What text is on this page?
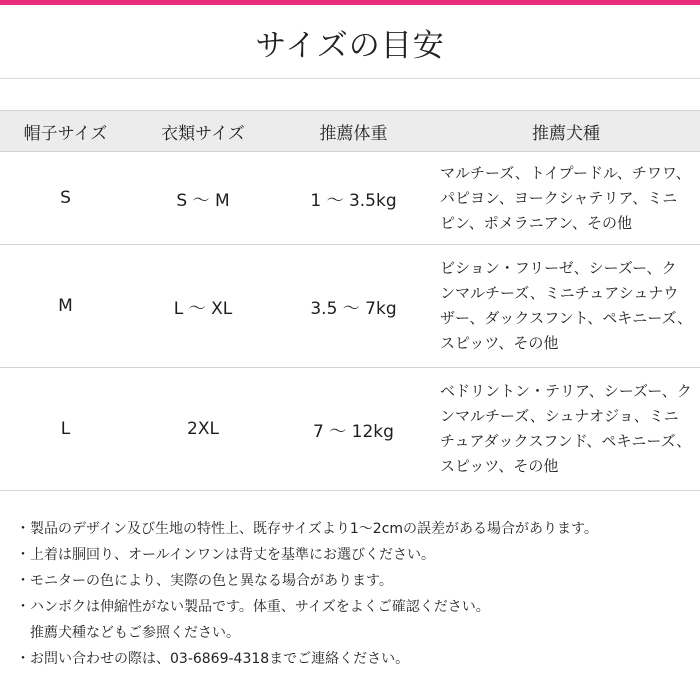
サイズの目安
帽子サイズ	衣類サイズ	推薦体重	推薦犬種
S	S 〜 M	1 〜 3.5kg	マルチーズ、トイプードル、チワワ、
パピヨン、ヨークシャテリア、ミニ
ピン、ポメラニアン、その他

M	L 〜 XL	3.5 〜 7kg	ビション・フリーゼ、シーズー、ク
ンマルチーズ、ミニチュアシュナウ
ザー、ダックスフント、ペキニーズ、
スピッツ、その他

L	2XL	7 〜 12kg	ベドリントン・テリア、シーズー、ク
ンマルチーズ、シュナオジョ、ミニ
チュアダックスフンド、ペキニーズ、
スピッツ、その他
・製品のデザイン及び生地の特性上、既存サイズより1〜2cmの誤差がある場合があります。
・上着は胴回り、オールインワンは背丈を基準にお選びください。
・モニターの色により、実際の色と異なる場合があります。
・ハンボクは伸縮性がない製品です。体重、サイズをよくご確認ください。
推薦犬種などもご参照ください。
・お問い合わせの際は、03-6869-4318までご連絡ください。
